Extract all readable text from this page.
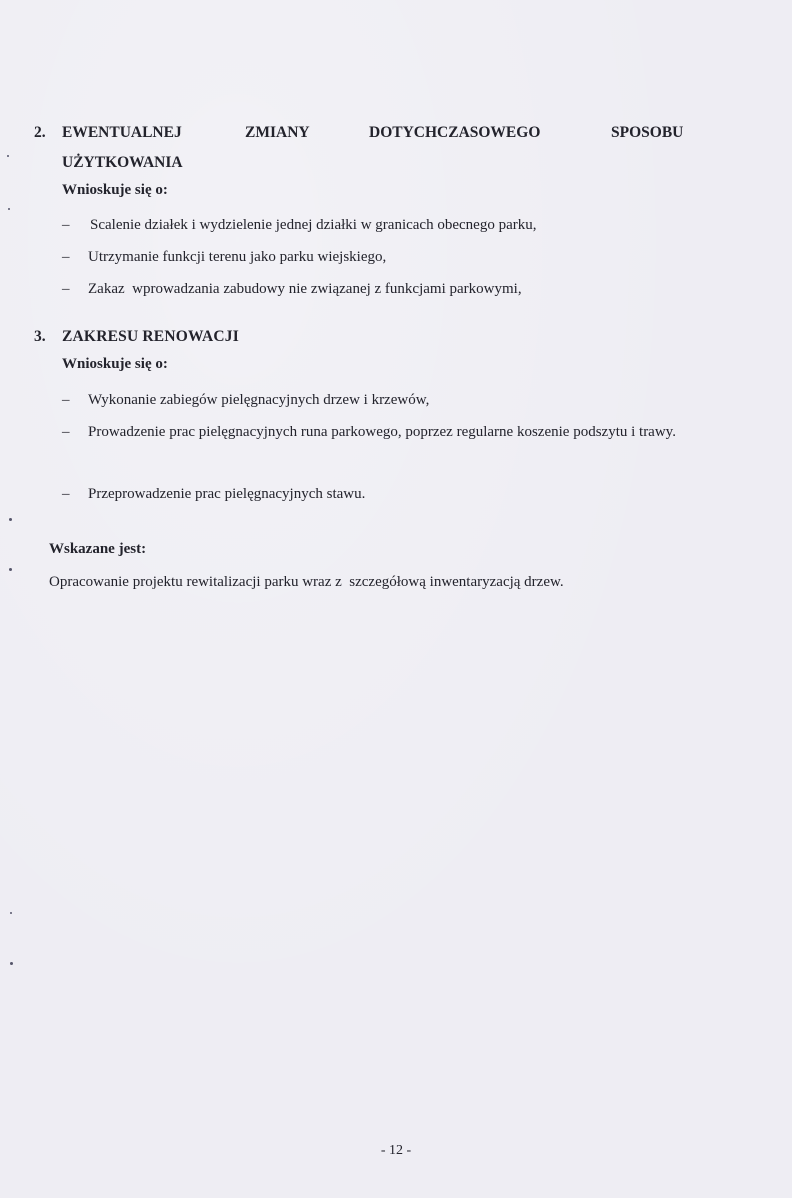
2. EWENTUALNEJ	ZMIANY	DOTYCHCZASOWEGO	SPOSOBU
UŻYTKOWANIA
Wnioskuje się o:
–	Scalenie działek i wydzielenie jednej działki w granicach obecnego parku,
–	Utrzymanie funkcji terenu jako parku wiejskiego,
–	Zakaz  wprowadzania zabudowy nie związanej z funkcjami parkowymi,
3. ZAKRESU RENOWACJI
Wnioskuje się o:
–	Wykonanie zabiegów pielęgnacyjnych drzew i krzewów,
–	Prowadzenie prac pielęgnacyjnych runa parkowego, poprzez regularne koszenie podszytu i trawy.
–	Przeprowadzenie prac pielęgnacyjnych stawu.
Wskazane jest:
Opracowanie projektu rewitalizacji parku wraz z  szczegółową inwentaryzacją drzew.
- 12 -
